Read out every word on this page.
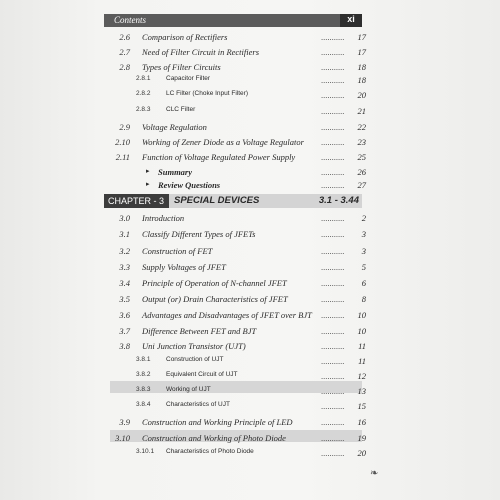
Contents	xi
2.6 Comparison of Rectifiers	...........	17
2.7 Need of Filter Circuit in Rectifiers	...........	17
2.8 Types of Filter Circuits	...........	18
2.8.1	Capacitor Filter	...........	18
2.8.2	LC Filter (Choke Input Filter)	...........	20
2.8.3	CLC Filter	...........	21
2.9 Voltage Regulation	...........	22
2.10 Working of Zener Diode as a Voltage Regulator ...........	23
2.11 Function of Voltage Regulated Power Supply	...........	25
▸ Summary	...........	26
▸ Review Questions	...........	27
CHAPTER - 3	SPECIAL DEVICES	3.1 - 3.44
3.0 Introduction	...........	2
3.1 Classify Different Types of JFETs	...........	3
3.2 Construction of FET	...........	3
3.3 Supply Voltages of JFET	...........	5
3.4 Principle of Operation of N-channel JFET	...........	6
3.5 Output (or) Drain Characteristics of JFET	...........	8
3.6 Advantages and Disadvantages of JFET over BJT ...........	10
3.7 Difference Between FET and BJT	...........	10
3.8 Uni Junction Transistor (UJT)	...........	11
3.8.1	Construction of UJT	...........	11
3.8.2	Equivalent Circuit of UJT	...........	12
3.8.3	Working of UJT	...........	13
3.8.4	Characteristics of UJT	...........	15
3.9 Construction and Working Principle of LED	...........	16
3.10 Construction and Working of Photo Diode	...........	19
3.10.1	Characteristics of Photo Diode	...........	20
❧
